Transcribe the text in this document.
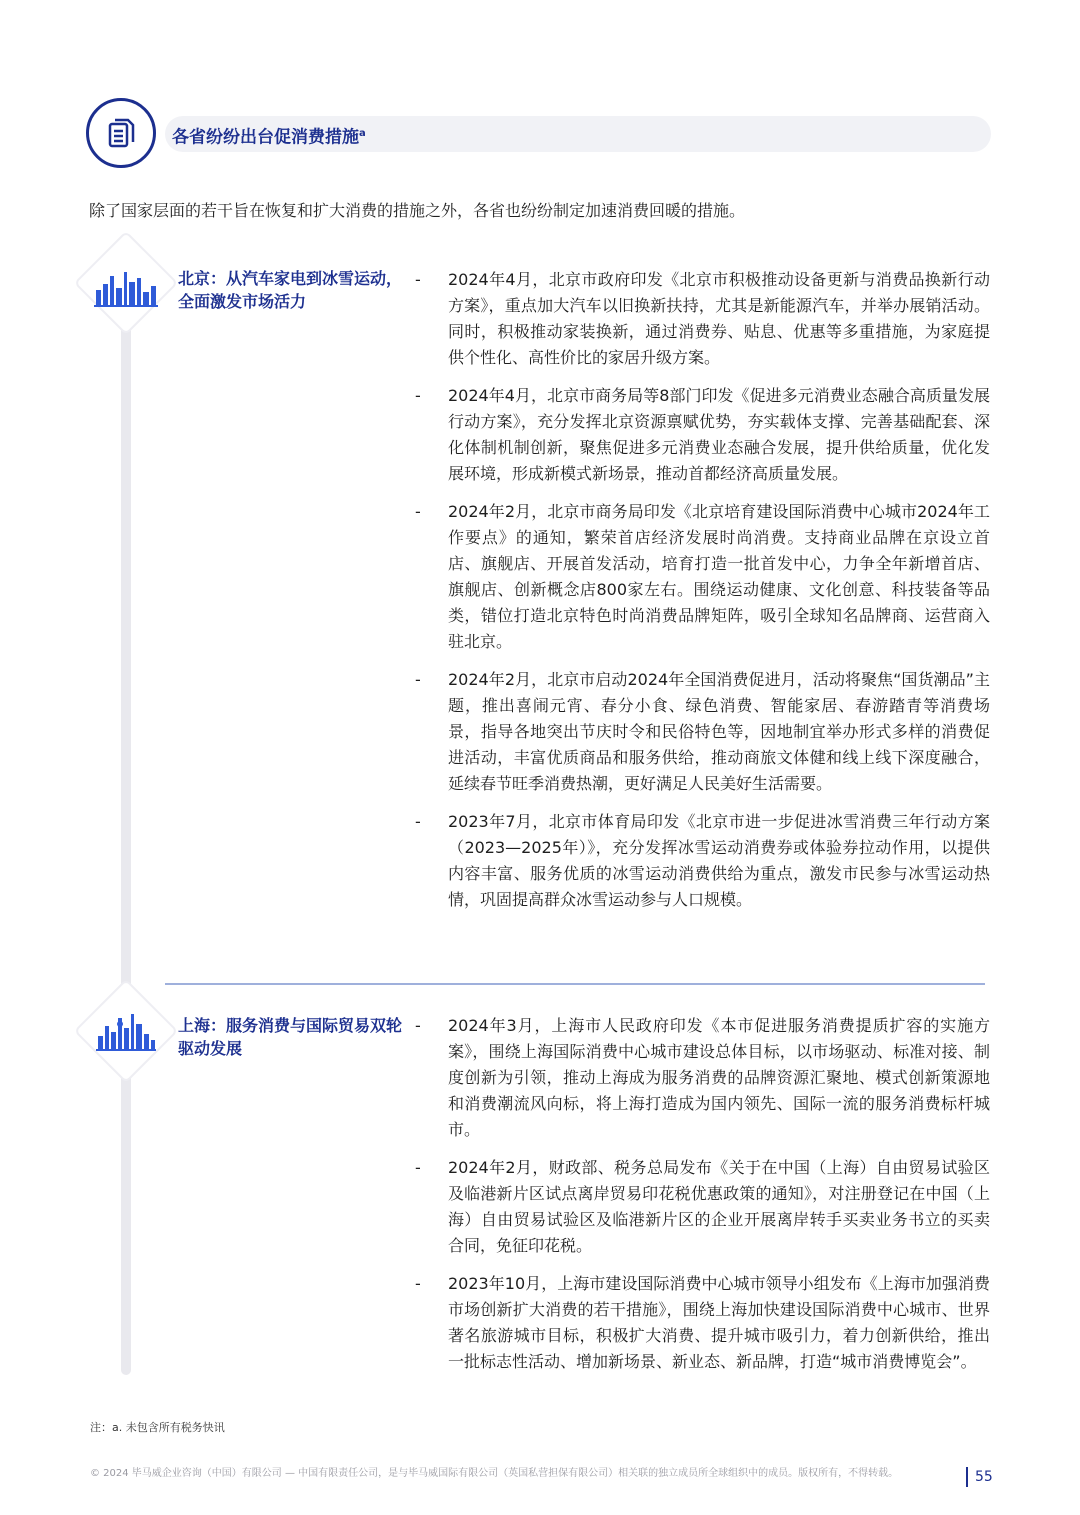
各省纷纷出台促消费措施$^a$
除了国家层面的若干旨在恢复和扩大消费的措施之外，各省也纷纷制定加速消费回暖的措施。
北京：从汽车家电到冰雪运动，全面激发市场活力
- 2024年4月，北京市政府印发《北京市积极推动设备更新与消费品换新行动方案》，重点加大汽车以旧换新扶持，尤其是新能源汽车，并举办展销活动。同时，积极推动家装换新，通过消费券、贴息、优惠等多重措施，为家庭提供个性化、高性价比的家居升级方案。
- 2024年4月，北京市商务局等8部门印发《促进多元消费业态融合高质量发展行动方案》，充分发挥北京资源禀赋优势，夯实载体支撑、完善基础配套、深化体制机制创新，聚焦促进多元消费业态融合发展，提升供给质量，优化发展环境，形成新模式新场景，推动首都经济高质量发展。
- 2024年2月，北京市商务局印发《北京培育建设国际消费中心城市2024年工作要点》的通知，繁荣首店经济发展时尚消费。支持商业品牌在京设立首店、旗舰店、开展首发活动，培育打造一批首发中心，力争全年新增首店、旗舰店、创新概念店800家左右。围绕运动健康、文化创意、科技装备等品类，错位打造北京特色时尚消费品牌矩阵，吸引全球知名品牌商、运营商入驻北京。
- 2024年2月，北京市启动2024年全国消费促进月，活动将聚焦“国货潮品”主题，推出喜闹元宵、春分小食、绿色消费、智能家居、春游踏青等消费场景，指导各地突出节庆时令和民俗特色等，因地制宜举办形式多样的消费促进活动，丰富优质商品和服务供给，推动商旅文体健和线上线下深度融合，延续春节旺季消费热潮，更好满足人民美好生活需要。
- 2023年7月，北京市体育局印发《北京市进一步促进冰雪消费三年行动方案（2023—2025年）》，充分发挥冰雪运动消费券或体验券拉动作用，以提供内容丰富、服务优质的冰雪运动消费供给为重点，激发市民参与冰雪运动热情，巩固提高群众冰雪运动参与人口规模。
上海：服务消费与国际贸易双轮驱动发展
- 2024年3月，上海市人民政府印发《本市促进服务消费提质扩容的实施方案》，围绕上海国际消费中心城市建设总体目标，以市场驱动、标准对接、制度创新为引领，推动上海成为服务消费的品牌资源汇聚地、模式创新策源地和消费潮流风向标，将上海打造成为国内领先、国际一流的服务消费标杆城市。
- 2024年2月，财政部、税务总局发布《关于在中国（上海）自由贸易试验区及临港新片区试点离岸贸易印花税优惠政策的通知》，对注册登记在中国（上海）自由贸易试验区及临港新片区的企业开展离岸转手买卖业务书立的买卖合同，免征印花税。
- 2023年10月，上海市建设国际消费中心城市领导小组发布《上海市加强消费市场创新扩大消费的若干措施》，围绕上海加快建设国际消费中心城市、世界著名旅游城市目标，积极扩大消费、提升城市吸引力，着力创新供给，推出一批标志性活动、增加新场景、新业态、新品牌，打造“城市消费博览会”。
注：a. 未包含所有税务快讯
© 2024 毕马威企业咨询（中国）有限公司 — 中国有限责任公司，是与毕马威国际有限公司（英国私营担保有限公司）相关联的独立成员所全球组织中的成员。版权所有，不得转载。	55
